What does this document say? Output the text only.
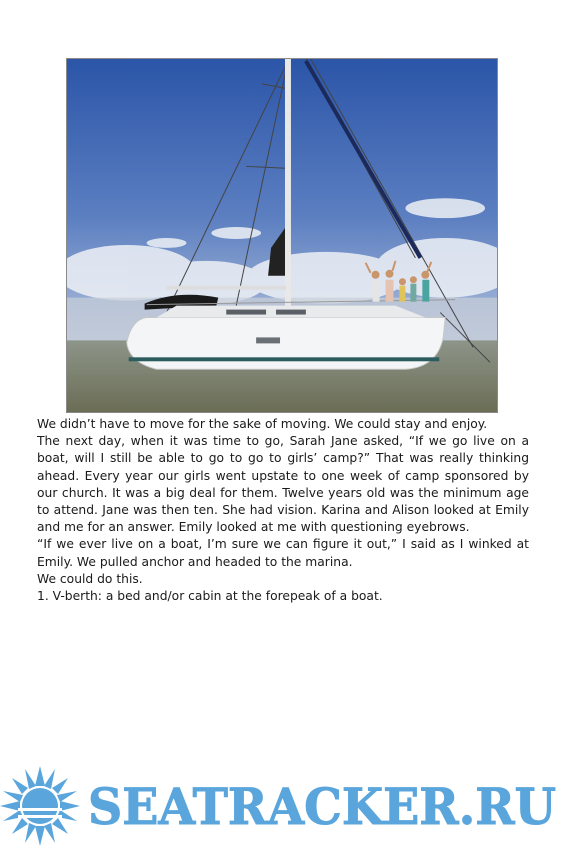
We didn’t have to move for the sake of moving. We could stay and enjoy.

The next day, when it was time to go, Sarah Jane asked, “If we go live on a boat, will I still be able to go to go to girls’ camp?” That was really thinking ahead. Every year our girls went upstate to one week of camp sponsored by our church. It was a big deal for them. Twelve years old was the minimum age to attend. Jane was then ten. She had vision. Karina and Alison looked at Emily and me for an answer. Emily looked at me with questioning eyebrows.

“If we ever live on a boat, I’m sure we can figure it out,” I said as I winked at Emily. We pulled anchor and headed to the marina.

We could do this.

1. V-berth: a bed and/or cabin at the forepeak of a boat.

SEATRACKER.RU
